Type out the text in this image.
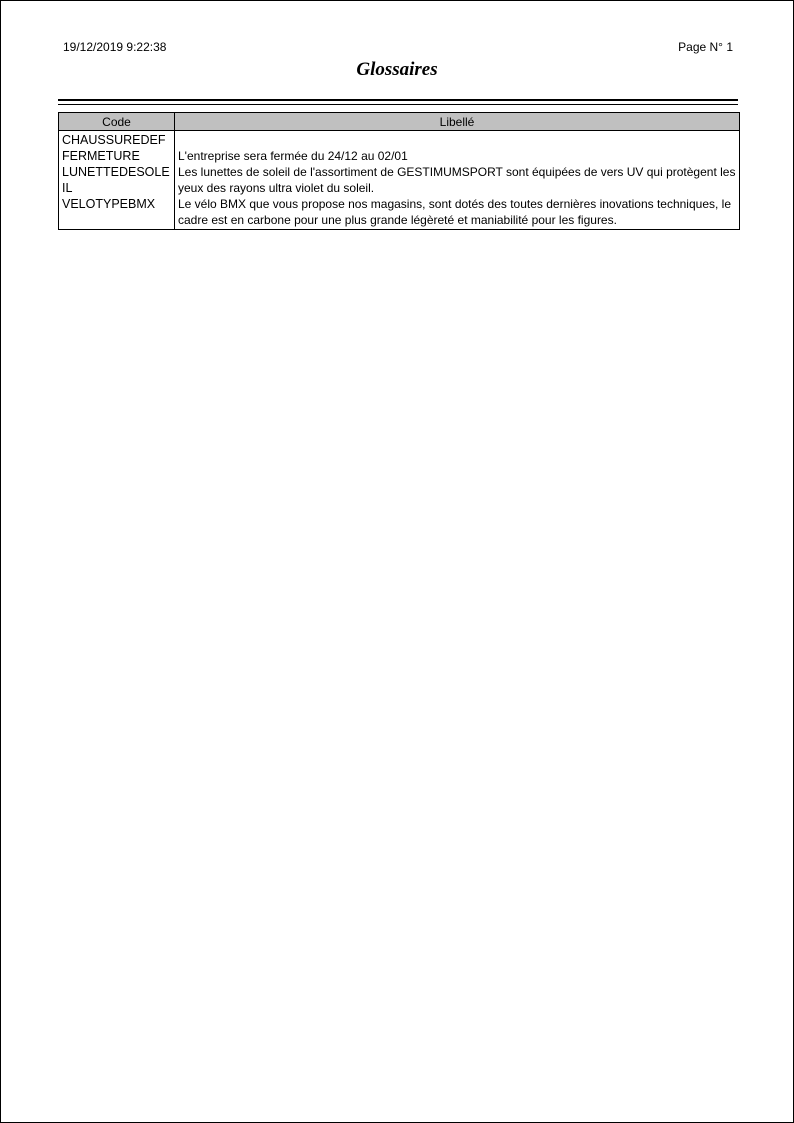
19/12/2019 9:22:38	Page N° 1
Glossaires
Code	Libellé
CHAUSSUREDEF	
FERMETURE	L'entreprise sera fermée du 24/12 au 02/01
LUNETTEDESOLEIL	Les lunettes de soleil de l'assortiment de GESTIMUMSPORT sont équipées de vers UV qui protègent les yeux des rayons ultra violet du soleil.
VELOTYPEBMX	Le vélo BMX que vous propose nos magasins, sont dotés des toutes dernières inovations techniques, le cadre est en carbone pour une plus grande légèreté et maniabilité pour les figures.
